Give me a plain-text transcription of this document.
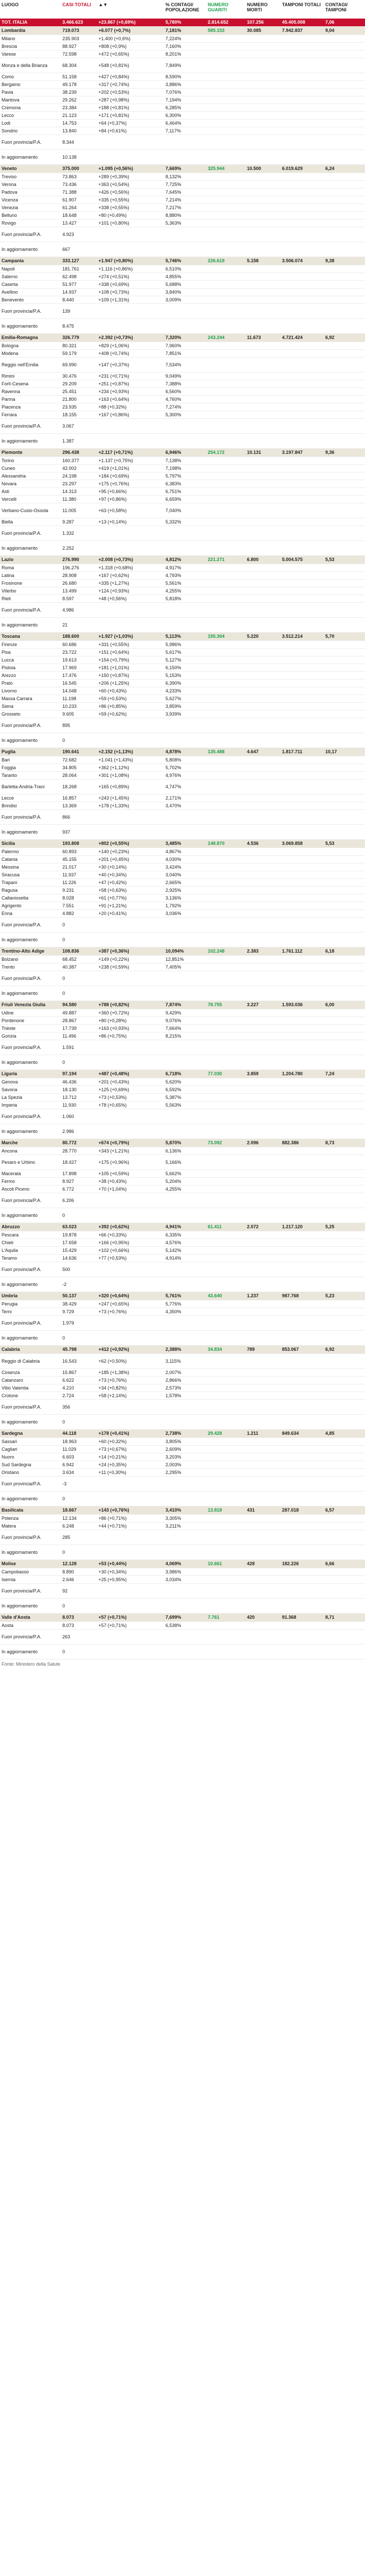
LUOGO	CASI TOTALI	▲▼		% CONTAGI/ POPOLAZIONE	NUMERO GUARITI	NUMERO MORTI	TAMPONI TOTALI	CONTAGI/ TAMPONI
TOT. ITALIA	3.466.623	+23.867 (+0,69%)		5,780%	2.814.652	107.256	45.405.008	7,06
Lombardia	719.073	+6.077 (+0,7%)		7,181%	585.153	30.085	7.942.837	9,04
Milano	235.903	+1.400 (+0,6%)		7,224%				
Brescia	88.927	+808 (+0,9%)		7,160%				
Varese	72.598	+472 (+0,65%)		8,201%				
Monza e della Brianza	68.304	+548 (+0,81%)		7,849%				
Como	51.158	+427 (+0,84%)		8,590%				
Bergamo	49.178	+317 (+0,74%)		3,886%				
Pavia	38.239	+202 (+0,53%)		7,076%				
Mantova	29.262	+287 (+0,98%)		7,194%				
Cremona	23.384	+188 (+0,81%)		6,285%				
Lecco	21.123	+171 (+0,81%)		6,300%				
Lodi	14.753	+64 (+0,37%)		6,464%				
Sondrio	13.840	+84 (+0,61%)		7,117%				
Fuori provincia/P.A.	8.344							
In aggiornamento	10.138							
Veneto	375.000	+1.095 (+0,56%)		7,669%	325.944	10.500	6.019.629	6,24
Treviso	73.863	+289 (+0,39%)		8,132%				
Verona	73.436	+363 (+0,54%)		7,725%				
Padova	71.388	+426 (+0,56%)		7,645%				
Vicenza	61.907	+335 (+0,55%)		7,214%				
Venezia	61.264	+338 (+0,55%)		7,217%				
Belluno	18.648	+80 (+0,49%)		8,880%				
Rovigo	13.427	+101 (+0,80%)		5,363%				
Fuori provincia/P.A.	4.923							
In aggiornamento	667							
Campania	333.127	+1.947 (+0,80%)		5,746%	226.619	5.158	3.506.074	9,38
Napoli	181.761	+1.116 (+0,86%)		6,510%				
Salerno	62.498	+274 (+0,51%)		4,855%				
Caserta	51.977	+338 (+0,69%)		5,688%				
Avellino	14.937	+108 (+0,73%)		3,840%				
Benevento	8.440	+109 (+1,31%)		3,009%				
Fuori provincia/P.A.	139							
In aggiornamento	8.475							
Emilia-Romagna	326.779	+2.392 (+0,73%)		7,320%	243.244	11.673	4.721.424	6,92
Bologna	80.321	+829 (+1,06%)		7,960%				
Modena	59.179	+408 (+0,74%)		7,851%				
Reggio nell'Emilia	69.990	+147 (+0,37%)		7,534%				
Rimini	30.476	+231 (+0,71%)		9,049%				
Forlì-Cesena	29.209	+251 (+0,87%)		7,388%				
Ravenna	25.451	+234 (+0,93%)		6,560%				
Parma	21.800	+163 (+0,64%)		4,760%				
Piacenza	23.935	+88 (+0,32%)		7,274%				
Ferrara	18.155	+167 (+0,86%)		5,300%				
Fuori provincia/P.A.	3.067							
In aggiornamento	1.387							
Piemonte	296.438	+2.117 (+0,71%)		6,946%	254.172	10.131	3.197.847	9,36
Torino	160.377	+1.137 (+0,75%)		7,138%				
Cuneo	42.002	+419 (+1,01%)		7,198%				
Alessandria	24.198	+184 (+0,69%)		5,797%				
Novara	23.297	+175 (+0,76%)		6,383%				
Asti	14.313	+95 (+0,66%)		6,751%				
Vercelli	11.380	+97 (+0,86%)		6,659%				
Verbano-Cusio-Ossola	11.005	+63 (+0,58%)		7,040%				
Biella	9.287	+13 (+0,14%)		5,332%				
Fuori provincia/P.A.	1.332							
In aggiornamento	2.252							
Lazio	276.990	+2.008 (+0,73%)		4,812%	221.271	6.800	5.004.575	5,53
Roma	196.276	+1.318 (+0,68%)		4,917%				
Latina	28.908	+167 (+0,62%)		4,793%				
Frosinone	26.680	+335 (+1,27%)		5,561%				
Viterbo	13.499	+124 (+0,93%)		4,255%				
Rieti	8.597	+48 (+0,56%)		5,818%				
Fuori provincia/P.A.	4.986							
In aggiornamento	21							
Toscana	188.600	+1.927 (+1,03%)		5,113%	155.304	5.220	3.512.214	5,70
Firenze	60.686	+331 (+0,55%)		5,986%				
Pisa	23.722	+151 (+0,64%)		5,617%				
Lucca	19.613	+154 (+0,79%)		5,127%				
Pistoia	17.969	+181 (+1,01%)		6,150%				
Arezzo	17.476	+150 (+0,87%)		5,153%				
Prato	16.545	+206 (+1,25%)		6,390%				
Livorno	14.048	+60 (+0,43%)		4,233%				
Massa Carrara	11.198	+59 (+0,53%)		5,627%				
Siena	10.233	+86 (+0,85%)		3,859%				
Grosseto	9.605	+59 (+0,62%)		3,939%				
Fuori provincia/P.A.	895							
In aggiornamento	0							
Puglia	190.641	+2.152 (+1,13%)		4,878%	135.488	4.647	1.817.711	10,17
Bari	72.682	+1.041 (+1,43%)		5,808%				
Foggia	34.805	+362 (+1,12%)		5,702%				
Taranto	28.064	+301 (+1,08%)		4,976%				
Barletta-Andria-Trani	18.268	+165 (+0,89%)		4,747%				
Lecce	16.857	+243 (+1,45%)		2,171%				
Brindisi	13.369	+178 (+1,33%)		3,470%				
Fuori provincia/P.A.	866							
In aggiornamento	937							
Sicilia	193.808	+802 (+0,55%)		3,485%	148.870	4.536	3.069.858	5,53
Palermo	60.893	+140 (+0,23%)		4,867%				
Catania	45.155	+201 (+0,45%)		4,030%				
Messina	21.017	+30 (+0,14%)		3,424%				
Siracusa	11.937	+40 (+0,34%)		3,040%				
Trapani	11.226	+47 (+0,42%)		2,665%				
Ragusa	9.231	+58 (+0,63%)		2,925%				
Caltanissetta	8.028	+61 (+0,77%)		3,136%				
Agrigento	7.551	+91 (+1,21%)		1,792%				
Enna	4.882	+20 (+0,41%)		3,036%				
Fuori provincia/P.A.	0							
In aggiornamento	0							
Trentino-Alto Adige	108.836	+387 (+0,36%)		10,094%	102.248	2.383	1.761.112	6,18
Bolzano	68.452	+149 (+0,22%)		12,851%				
Trento	40.387	+238 (+0,59%)		7,405%				
Fuori provincia/P.A.	0							
In aggiornamento	0							
Friuli Venezia Giulia	94.580	+788 (+0,82%)		7,874%	78.755	3.227	1.593.036	6,00
Udine	49.887	+360 (+0,72%)		9,429%				
Pordenone	28.867	+80 (+0,28%)		9,076%				
Trieste	17.739	+163 (+0,93%)		7,664%				
Gorizia	11.496	+86 (+0,75%)		8,215%				
Fuori provincia/P.A.	1.591							
In aggiornamento	0							
Liguria	97.194	+487 (+0,48%)		6,718%	77.030	3.859	1.204.780	7,24
Genova	46.436	+201 (+0,43%)		5,620%				
Savona	18.130	+125 (+0,69%)		6,592%				
La Spezia	13.712	+73 (+0,53%)		5,387%				
Imperia	11.930	+78 (+0,65%)		5,563%				
Fuori provincia/P.A.	1.060							
In aggiornamento	2.986							
Marche	80.772	+674 (+0,79%)		5,870%	73.092	2.096	882.386	8,73
Ancona	28.770	+343 (+1,21%)		6,136%				
Pesaro e Urbino	18.427	+175 (+0,96%)		5,166%				
Macerata	17.898	+105 (+0,59%)		5,662%				
Fermo	8.927	+38 (+0,43%)		5,204%				
Ascoli Piceno	6.772	+70 (+1,04%)		4,255%				
Fuori provincia/P.A.	6.206							
In aggiornamento	0							
Abruzzo	63.023	+392 (+0,62%)		4,941%	61.411	2.072	1.217.120	5,25
Pescara	19.878	+66 (+0,33%)		6,335%				
Chieti	17.658	+166 (+0,95%)		4,576%				
L'Aquila	15.429	+102 (+0,66%)		5,142%				
Teramo	14.636	+77 (+0,53%)		4,914%				
Fuori provincia/P.A.	500							
In aggiornamento	-2							
Umbria	50.137	+320 (+0,64%)		5,761%	43.640	1.237	987.768	5,23
Perugia	38.429	+247 (+0,65%)		5,776%				
Terni	9.729	+73 (+0,76%)		4,350%				
Fuori provincia/P.A.	1.979							
In aggiornamento	0							
Calabria	45.798	+412 (+0,92%)		2,388%	34.834	789	853.067	6,92
Reggio di Calabria	16.543	+62 (+0,50%)		3,115%				
Cosenza	15.867	+185 (+1,38%)		2,007%				
Catanzaro	6.622	+73 (+0,76%)		2,866%				
Vibo Valentia	4.210	+34 (+0,82%)		2,573%				
Crotone	2.724	+58 (+2,14%)		1,578%				
Fuori provincia/P.A.	356							
In aggiornamento	0							
Sardegna	44.118	+178 (+0,41%)		2,738%	29.428	1.211	849.634	4,85
Sassari	18.963	+60 (+0,32%)		3,805%				
Cagliari	11.029	+73 (+0,67%)		2,609%				
Nuoro	6.603	+14 (+0,21%)		3,203%				
Sud Sardegna	6.942	+24 (+0,35%)		2,003%				
Oristano	3.634	+11 (+0,30%)		2,295%				
Fuori provincia/P.A.	-3							
In aggiornamento	0							
Basilicata	18.667	+143 (+0,76%)		3,410%	13.818	431	287.018	6,57
Potenza	12.134	+86 (+0,71%)		3,305%				
Matera	6.248	+44 (+0,71%)		3,211%				
Fuori provincia/P.A.	285							
In aggiornamento	0							
Molise	12.128	+53 (+0,44%)		4,069%	10.661	428	182.226	6,66
Campobasso	8.890	+30 (+0,34%)		3,986%				
Isernia	2.646	+25 (+0,95%)		3,034%				
Fuori provincia/P.A.	92							
In aggiornamento	0							
Valle d'Aosta	8.073	+57 (+0,71%)		7,699%	7.761	420	91.368	8,71
Aosta	8.073	+57 (+0,71%)		6,538%				
Fuori provincia/P.A.	263							
In aggiornamento	0							
Fonte: Ministero della Salute
